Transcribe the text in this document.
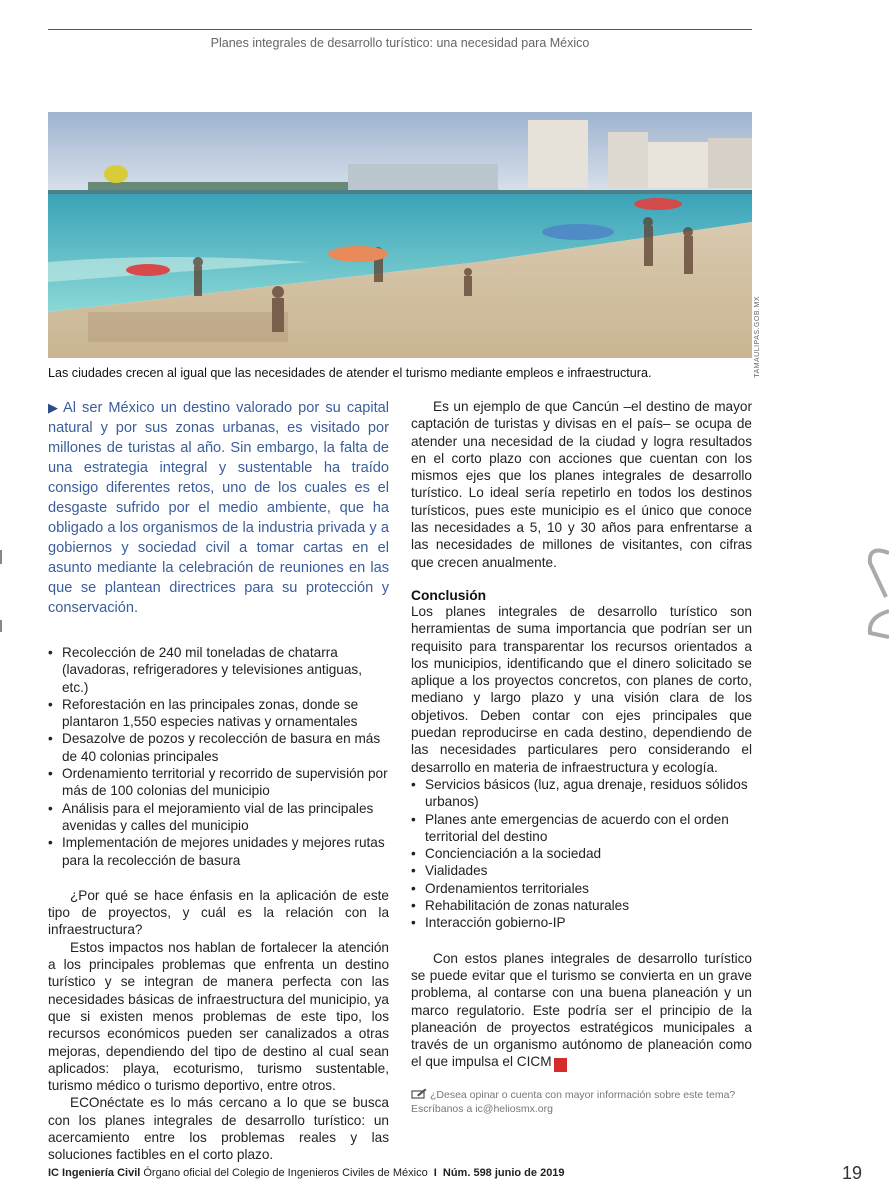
Planes integrales de desarrollo turístico: una necesidad para México
TAMAULIPAS.GOB.MX
Las ciudades crecen al igual que las necesidades de atender el turismo mediante empleos e infraestructura.

▶ Al ser México un destino valorado por su capital natural y por sus zonas urbanas, es visitado por millones de turistas al año. Sin embargo, la falta de una estrategia integral y sustentable ha traído consigo diferentes retos, uno de los cuales es el desgaste sufrido por el medio ambiente, que ha obligado a los organismos de la industria privada y a gobiernos y sociedad civil a tomar cartas en el asunto mediante la celebración de reuniones en las que se plantean directrices para su protección y conservación.

• Recolección de 240 mil toneladas de chatarra (lavadoras, refrigeradores y televisiones antiguas, etc.)
• Reforestación en las principales zonas, donde se plantaron 1,550 especies nativas y ornamentales
• Desazolve de pozos y recolección de basura en más de 40 colonias principales
• Ordenamiento territorial y recorrido de supervisión por más de 100 colonias del municipio
• Análisis para el mejoramiento vial de las principales avenidas y calles del municipio
• Implementación de mejores unidades y mejores rutas para la recolección de basura

¿Por qué se hace énfasis en la aplicación de este tipo de proyectos, y cuál es la relación con la infraestructura?

Estos impactos nos hablan de fortalecer la atención a los principales problemas que enfrenta un destino turístico y se integran de manera perfecta con las necesidades básicas de infraestructura del municipio, ya que si existen menos problemas de este tipo, los recursos económicos pueden ser canalizados a otras mejoras, dependiendo del tipo de destino al cual sean aplicados: playa, ecoturismo, turismo sustentable, turismo médico o turismo deportivo, entre otros.

ECOnéctate es lo más cercano a lo que se busca con los planes integrales de desarrollo turístico: un acercamiento entre los problemas reales y las soluciones factibles en el corto plazo.

Es un ejemplo de que Cancún –el destino de mayor captación de turistas y divisas en el país– se ocupa de atender una necesidad de la ciudad y logra resultados en el corto plazo con acciones que cuentan con los mismos ejes que los planes integrales de desarrollo turístico. Lo ideal sería repetirlo en todos los destinos turísticos, pues este municipio es el único que conoce las necesidades a 5, 10 y 30 años para enfrentarse a las necesidades de millones de visitantes, con cifras que crecen anualmente.

Conclusión

Los planes integrales de desarrollo turístico son herramientas de suma importancia que podrían ser un requisito para transparentar los recursos orientados a los municipios, identificando que el dinero solicitado se aplique a los proyectos concretos, con planes de corto, mediano y largo plazo y una visión clara de los objetivos. Deben contar con ejes principales que puedan reproducirse en cada destino, dependiendo de las necesidades particulares pero considerando el desarrollo en materia de infraestructura y ecología.

• Servicios básicos (luz, agua drenaje, residuos sólidos urbanos)
• Planes ante emergencias de acuerdo con el orden territorial del destino
• Concienciación a la sociedad
• Vialidades
• Ordenamientos territoriales
• Rehabilitación de zonas naturales
• Interacción gobierno-IP

Con estos planes integrales de desarrollo turístico se puede evitar que el turismo se convierta en un grave problema, al contarse con una buena planeación y un marco regulatorio. Este podría ser el principio de la planeación de proyectos estratégicos municipales a través de un organismo autónomo de planeación como el que impulsa el CICM	IC

¿Desea opinar o cuenta con mayor información sobre este tema?

Escríbanos a ic@heliosmx.org

IC Ingeniería Civil Órgano oficial del Colegio de Ingenieros Civiles de México I Núm. 598 junio de 2019	19
